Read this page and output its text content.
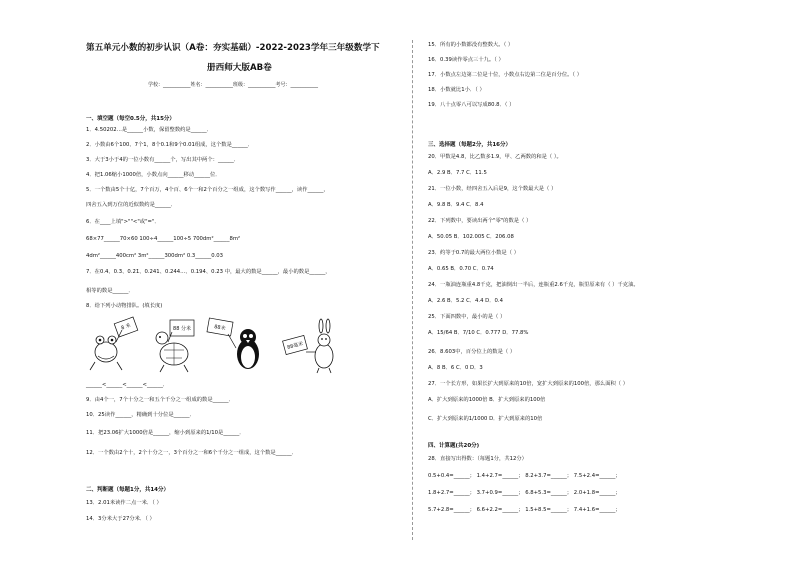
第五单元小数的初步认识（A卷：夯实基础）-2022-2023学年三年级数学下
册西师大版AB卷
学校：___________姓名：___________班级：___________考号：___________
一、填空题（每空0.5分，共15分）
1．4.50202…是______小数，保留整数约是______．
2．小数由6个100、7个1，8个0.1和9个0.01组成，这个数是______．
3．大于3小于4的一位小数有______个，写出其中两个：______．
4．把1.06缩小1000倍，小数点向______移动______位．
5．一个数由5个十亿，7个百万，4个百、6个一和2个百分之一组成，这个数写作______，读作______，
四舍五入到万位的近似数约是______．
6．在____上填">""<"或"="．
68×77______70×60 100÷4______100÷5 700dm²______8m²
4dm²______400cm² 3m²______300dm² 0.3______0.03
7．在0.4、0.3̇、0.2̇1̇、0.241、0.244…、0.194、0.2̇3̇ 中，最大的数是______，最小的数是______，
相等的数是______．
8．给下列小动物排队。(填长度)
8 米	88 分米	88米
88毫米
______<______<______<______．
9．由4个一，7个十分之一和五个千分之一组成的数是______．
10．25读作______，精确到十分位是______．
11．把23.06扩大1000倍是______，缩小到原来的1/10是______．
12．一个数由2个十，2个十分之一，3个百分之一和6个千分之一组成，这个数是______．
二、判断题（每题1分，共14分）
13．2.01米读作二点一米．（ ）
14．3分米大于27分米．（ ）
15．所有的小数都没有整数大。（ ）
16．0.39读作零点三十九。（ ）
17．小数点左边第二位是十位，小数点右边第二位是百分位。（ ）
18．小数就比1小．（ ）
19．八十点零八可以写成80.8．（ ）
三、选择题（每题2分，共16分）
20．甲数是4.8，比乙数多1.9，甲、乙两数的和是（ ）。
A．2.9 B．7.7 C．11.5
21．一位小数，经四舍五入后是9，这个数最大是（ ）
A．9.8 B．9.4 C．8.4
22．下列数中，要读出两个"零"的数是（ ）
A．50.05 B．102.005 C．206.08
23．约等于0.7的最大两位小数是（ ）
A．0.65 B．0.70 C．0.74
24．一瓶油连瓶重4.8千克，把油倒出一半后，连瓶重2.6千克，瓶里原来有（ ）千克油。
A．2.6 B．5.2 C．4.4 D．0.4
25．下面四数中，最小的是（ ）
A．15/64 B．7/10 C．0.777 D．77.8%
26．8.603中，百分位上的数是（ ）
A．8 B．6 C．0 D．3
27．一个长方形，如果长扩大到原来的10倍，宽扩大到原来的100倍，那么面积（ ）
A．扩大到原来的1000倍 B．扩大到原来的100倍
C．扩大到原来的1/1000 D．扩大到原来的10倍
四、计算题(共20分)
28．直接写出得数：（每题1分，共12分）
0.5+0.4=______； 1.4+2.7=______； 8.2+3.7=______； 7.5+2.4=______；
1.8+2.7=______； 3.7+0.9=______； 6.8+5.3=______； 2.0+1.8=______；
5.7+2.8=______； 6.6+2.2=______； 1.5+8.5=______； 7.4+1.6=______；
